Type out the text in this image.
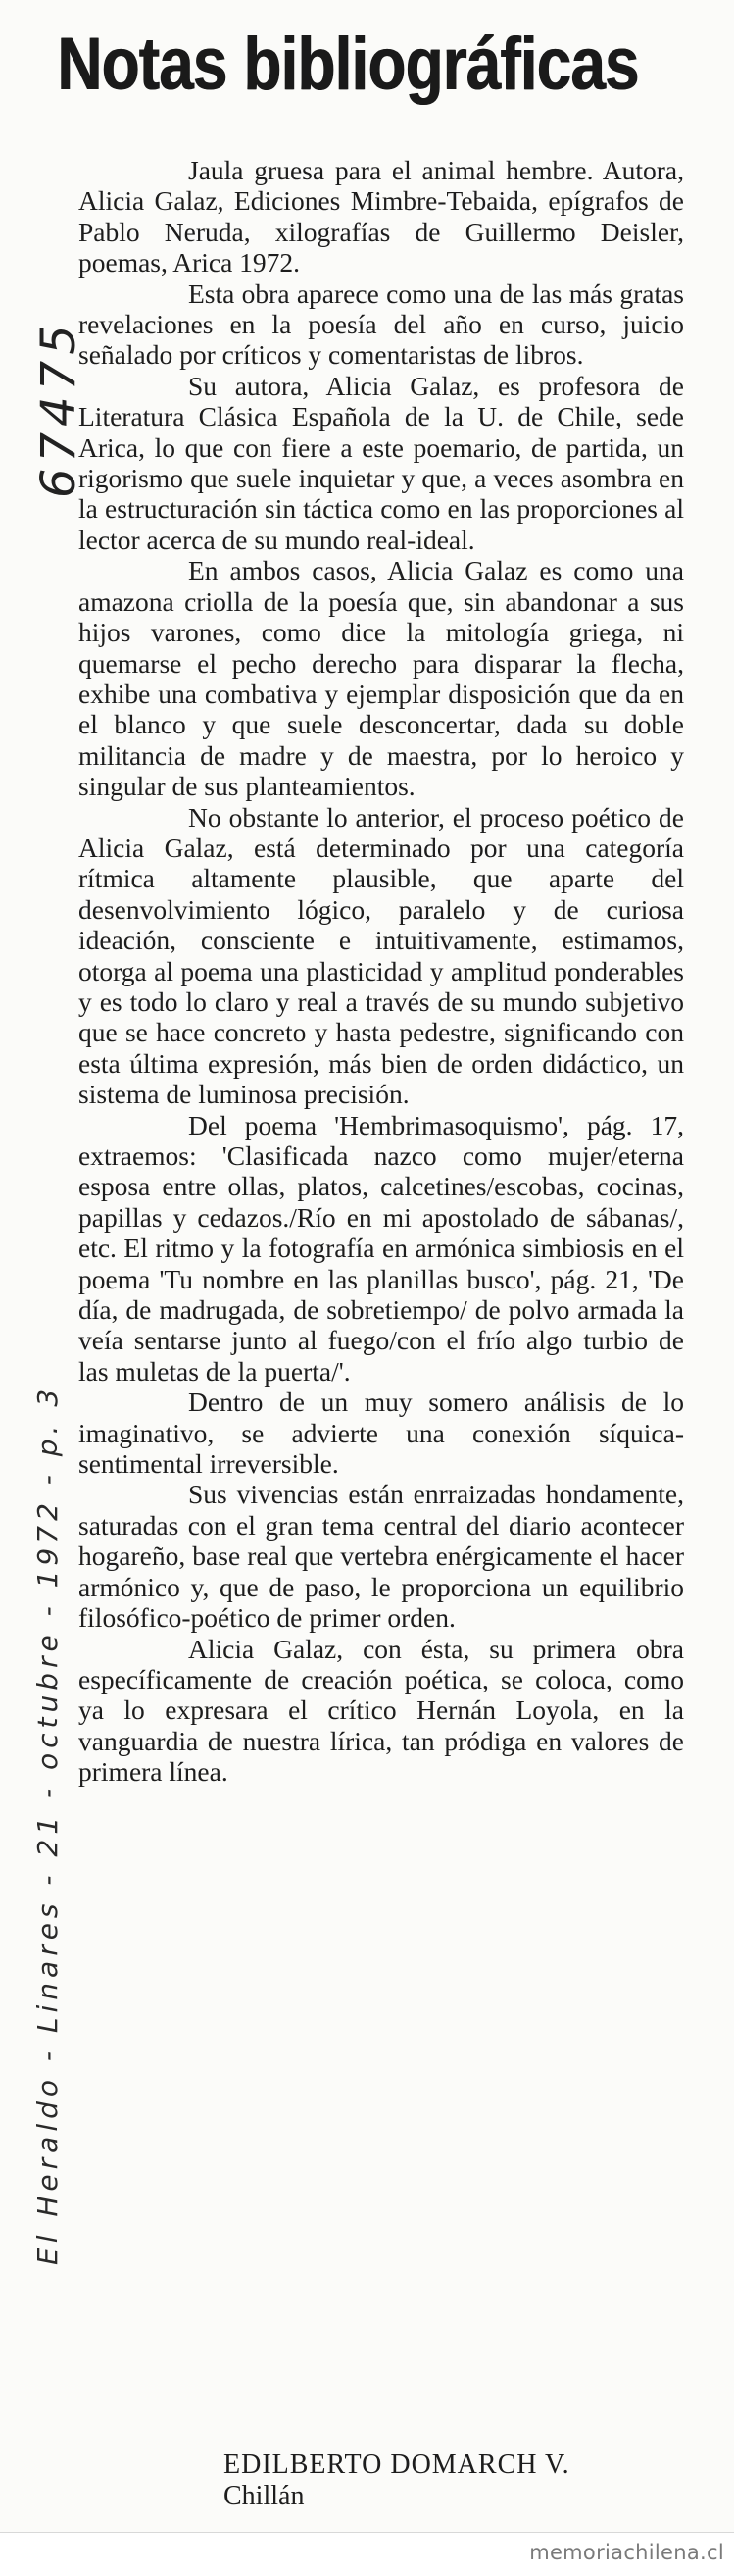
Notas bibliográficas
67475
El Heraldo - Linares - 21 - octubre - 1972 - p. 3

Jaula gruesa para el animal hembre. Autora, Alicia Galaz, Ediciones Mimbre-Tebaida, epígrafos de Pablo Neruda, xilografías de Guillermo Deisler, poemas, Arica 1972.

Esta obra aparece como una de las más gratas revelaciones en la poesía del año en curso, juicio señalado por críticos y comentaristas de libros.

Su autora, Alicia Galaz, es profesora de Literatura Clásica Española de la U. de Chile, sede Arica, lo que con fiere a este poemario, de partida, un rigorismo que suele inquietar y que, a veces asombra en la estructuración sin táctica como en las proporciones al lector acerca de su mundo real-ideal.

En ambos casos, Alicia Galaz es como una amazona criolla de la poesía que, sin abandonar a sus hijos varones, como dice la mitología griega, ni quemarse el pecho derecho para disparar la flecha, exhibe una combativa y ejemplar disposición que da en el blanco y que suele desconcertar, dada su doble militancia de madre y de maestra, por lo heroico y singular de sus planteamientos.

No obstante lo anterior, el proceso poético de Alicia Galaz, está determinado por una categoría rítmica altamente plausible, que aparte del desenvolvimiento lógico, paralelo y de curiosa ideación, consciente e intuitivamente, estimamos, otorga al poema una plasticidad y amplitud ponderables y es todo lo claro y real a través de su mundo subjetivo que se hace concreto y hasta pedestre, significando con esta última expresión, más bien de orden didáctico, un sistema de luminosa precisión.

Del poema 'Hembrimasoquismo', pág. 17, extraemos: 'Clasificada nazco como mujer/eterna esposa entre ollas, platos, calcetines/escobas, cocinas, papillas y cedazos./Río en mi apostolado de sábanas/, etc. El ritmo y la fotografía en armónica simbiosis en el poema 'Tu nombre en las planillas busco', pág. 21, 'De día, de madrugada, de sobretiempo/ de polvo armada la veía sentarse junto al fuego/con el frío algo turbio de las muletas de la puerta/'.

Dentro de un muy somero análisis de lo imaginativo, se advierte una conexión síquica-sentimental irreversible.

Sus vivencias están enrraizadas hondamente, saturadas con el gran tema central del diario acontecer hogareño, base real que vertebra enérgicamente el hacer armónico y, que de paso, le proporciona un equilibrio filosófico-poético de primer orden.

Alicia Galaz, con ésta, su primera obra específicamente de creación poética, se coloca, como ya lo expresara el crítico Hernán Loyola, en la vanguardia de nuestra lírica, tan pródiga en valores de primera línea.

EDILBERTO DOMARCH V.
Chillán
memoriachilena.cl
